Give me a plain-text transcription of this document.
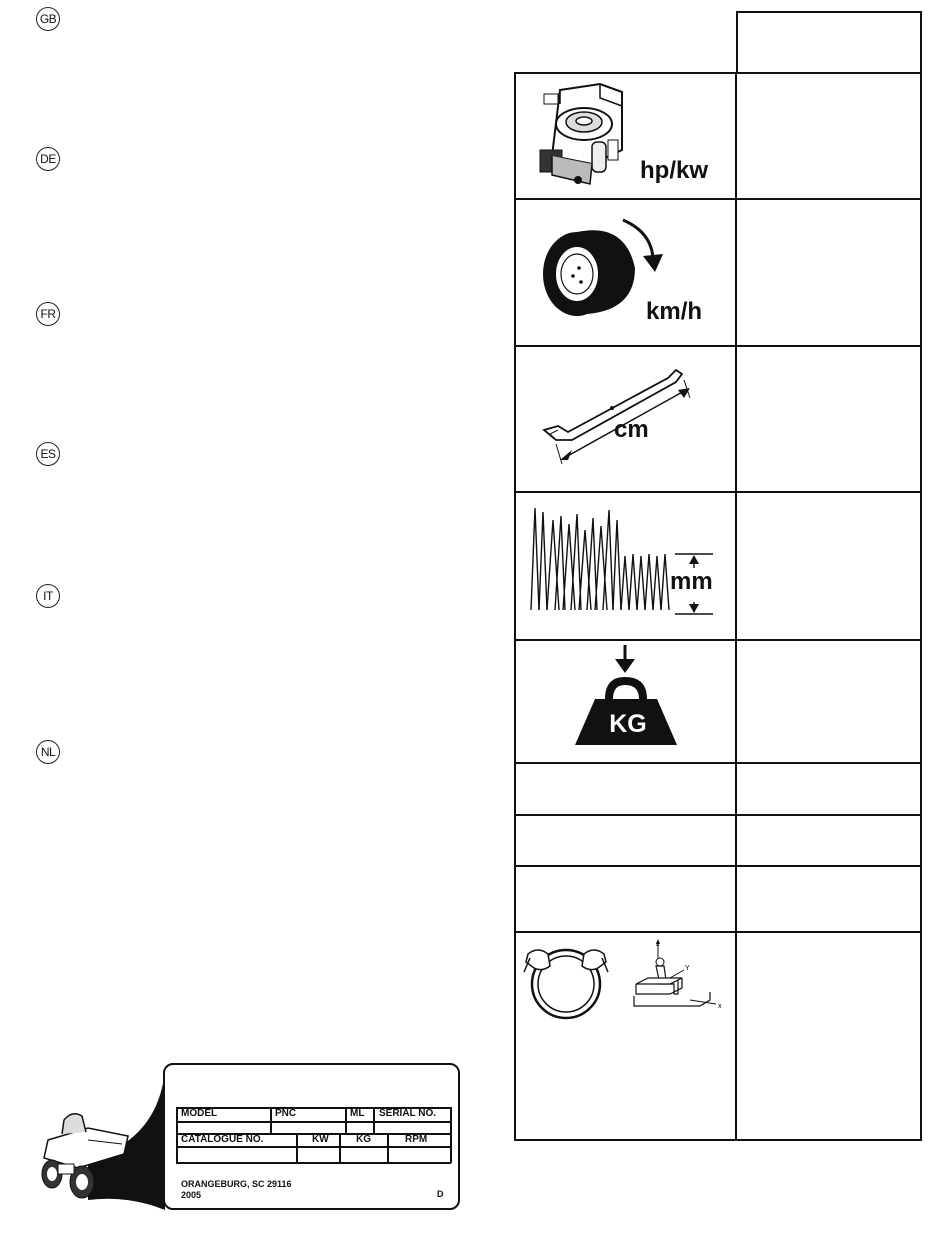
GB
DE
FR
ES
IT
NL
hp/kw
km/h
cm
mm
KG
z
Y
x
MODEL	PNC	ML SERIAL NO.
CATALOGUE NO.	KW	KG	RPM
ORANGEBURG, SC 29116
2005	D
